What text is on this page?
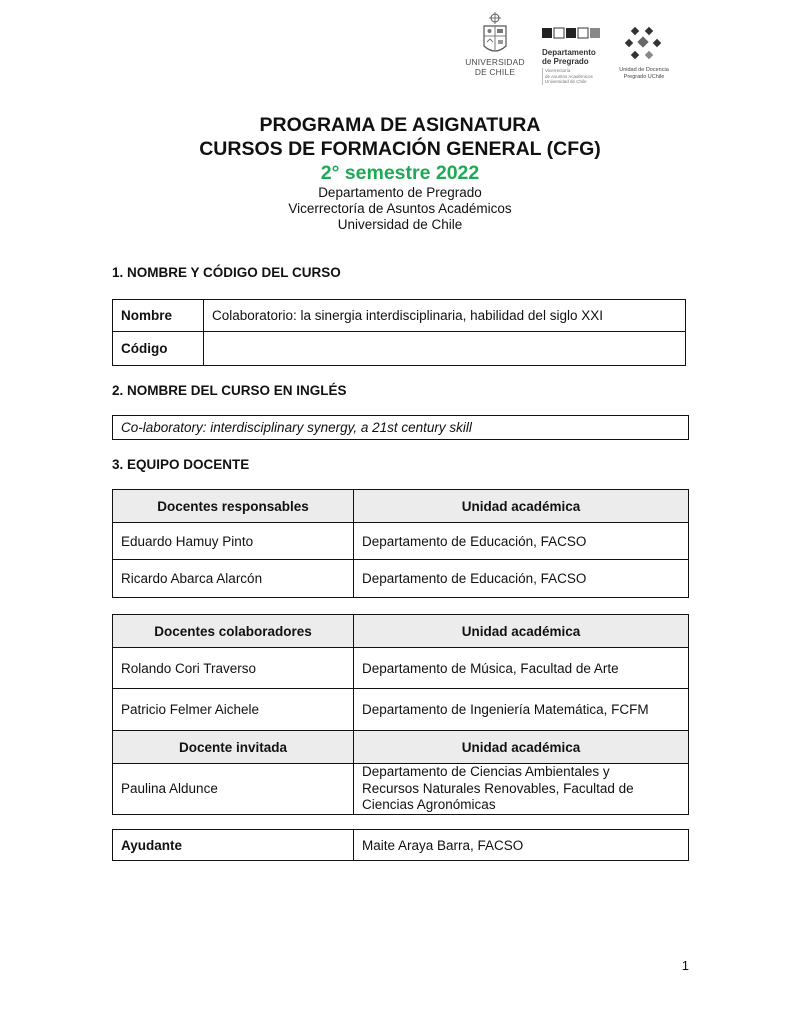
UNIVERSIDAD
DE CHILE
Departamento
de Pregrado
Vicerrectoría
de Asuntos Académicos
Universidad de Chile
Unidad de Docencia
Pregrado UChile
PROGRAMA DE ASIGNATURA
CURSOS DE FORMACIÓN GENERAL (CFG)
2° semestre 2022
Departamento de Pregrado
Vicerrectoría de Asuntos Académicos
Universidad de Chile
1. NOMBRE Y CÓDIGO DEL CURSO
Nombre	Colaboratorio: la sinergia interdisciplinaria, habilidad del siglo XXI
Código	
2. NOMBRE DEL CURSO EN INGLÉS
Co-laboratory: interdisciplinary synergy, a 21st century skill
3. EQUIPO DOCENTE
Docentes responsables	Unidad académica
Eduardo Hamuy Pinto	Departamento de Educación, FACSO
Ricardo Abarca Alarcón	Departamento de Educación, FACSO
Docentes colaboradores	Unidad académica
Rolando Cori Traverso	Departamento de Música, Facultad de Arte
Patricio Felmer Aichele	Departamento de Ingeniería Matemática, FCFM
Docente invitada	Unidad académica
Paulina Aldunce	Departamento de Ciencias Ambientales y
Recursos Naturales Renovables, Facultad de
Ciencias Agronómicas
Ayudante	Maite Araya Barra, FACSO
1
